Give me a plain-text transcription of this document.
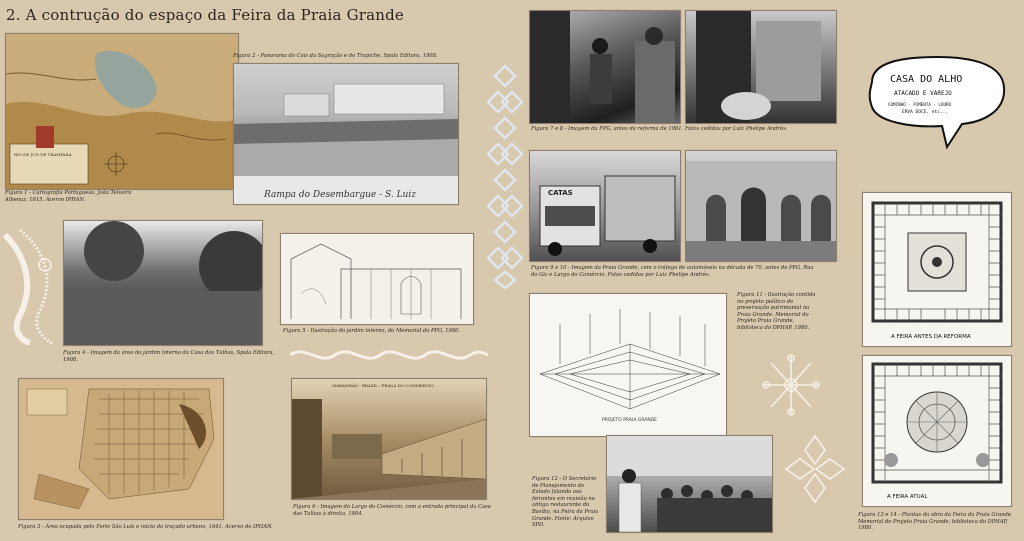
2. A contrução do espaço da Feira da Praia Grande
RIO DE JUN DE TRAMPARÁ
Figura 1 - Cartografia Portuguesa. João Teixeira Albenaz, 1615. Acervo IPHAN.	Rampa do Desembargue - S. Luiz
Figura 2 - Panorama do Cais da Sagração e do Trapiche, Spala Editora, 1908.
Figura 4 - Imagem da área do jardim interno da Casa das Tulhas, Spala Editora, 1908.
Figura 5 - Ilustração do jardim interno, do Memorial do PPG, 1980.
Figura 3 - Área ocupada pelo Forte São Luís e início do traçado urbano, 1641. Acervo do IPHAN.
MARANHÃO - BRAZIL - PRAÇA DO COMMERCIO
Figura 6 - Imagem do Largo do Comércio, com a entrada principal da Casa das Tulhas à direita, 1904.
Figura 7 e 8 - Imagem da FPG, antes da reforma de 1981. Fotos cedidas por Luiz Phelipe Andrès.
CATAS
Figura 9 e 10 - Imagem da Praia Grande, com o tráfego de automóveis na década de 70, antes do PPG. Rua do Giz e Largo do Comércio. Fotos cedidas por Luiz Phelipe Andrès.
PROJETO PRAIA GRANDE
Figura 11 - Ilustração contida no projeto político de preservação patrimonial na Praia Grande. Memorial do Projeto Praia Grande, biblioteca do DPHAP, 1980.
Figura 12 - O Secretário de Planejamento do Estado falando aos feirantes em reunião no antigo restaurante do Basílio, na Feira da Praia Grande. Fonte: Arquivo SPD.
CASA DO ALHO
ATACADO E VAREJO
COMINHO - PIMENTA - LOURO
ERVA DOCE, etc...
A FEIRA ANTES DA REFORMA
A FEIRA ATUAL
Figura 13 e 14 - Plantas da obra da Feira da Praia Grande. Memorial do Projeto Praia Grande, biblioteca do DPHAP, 1980.
